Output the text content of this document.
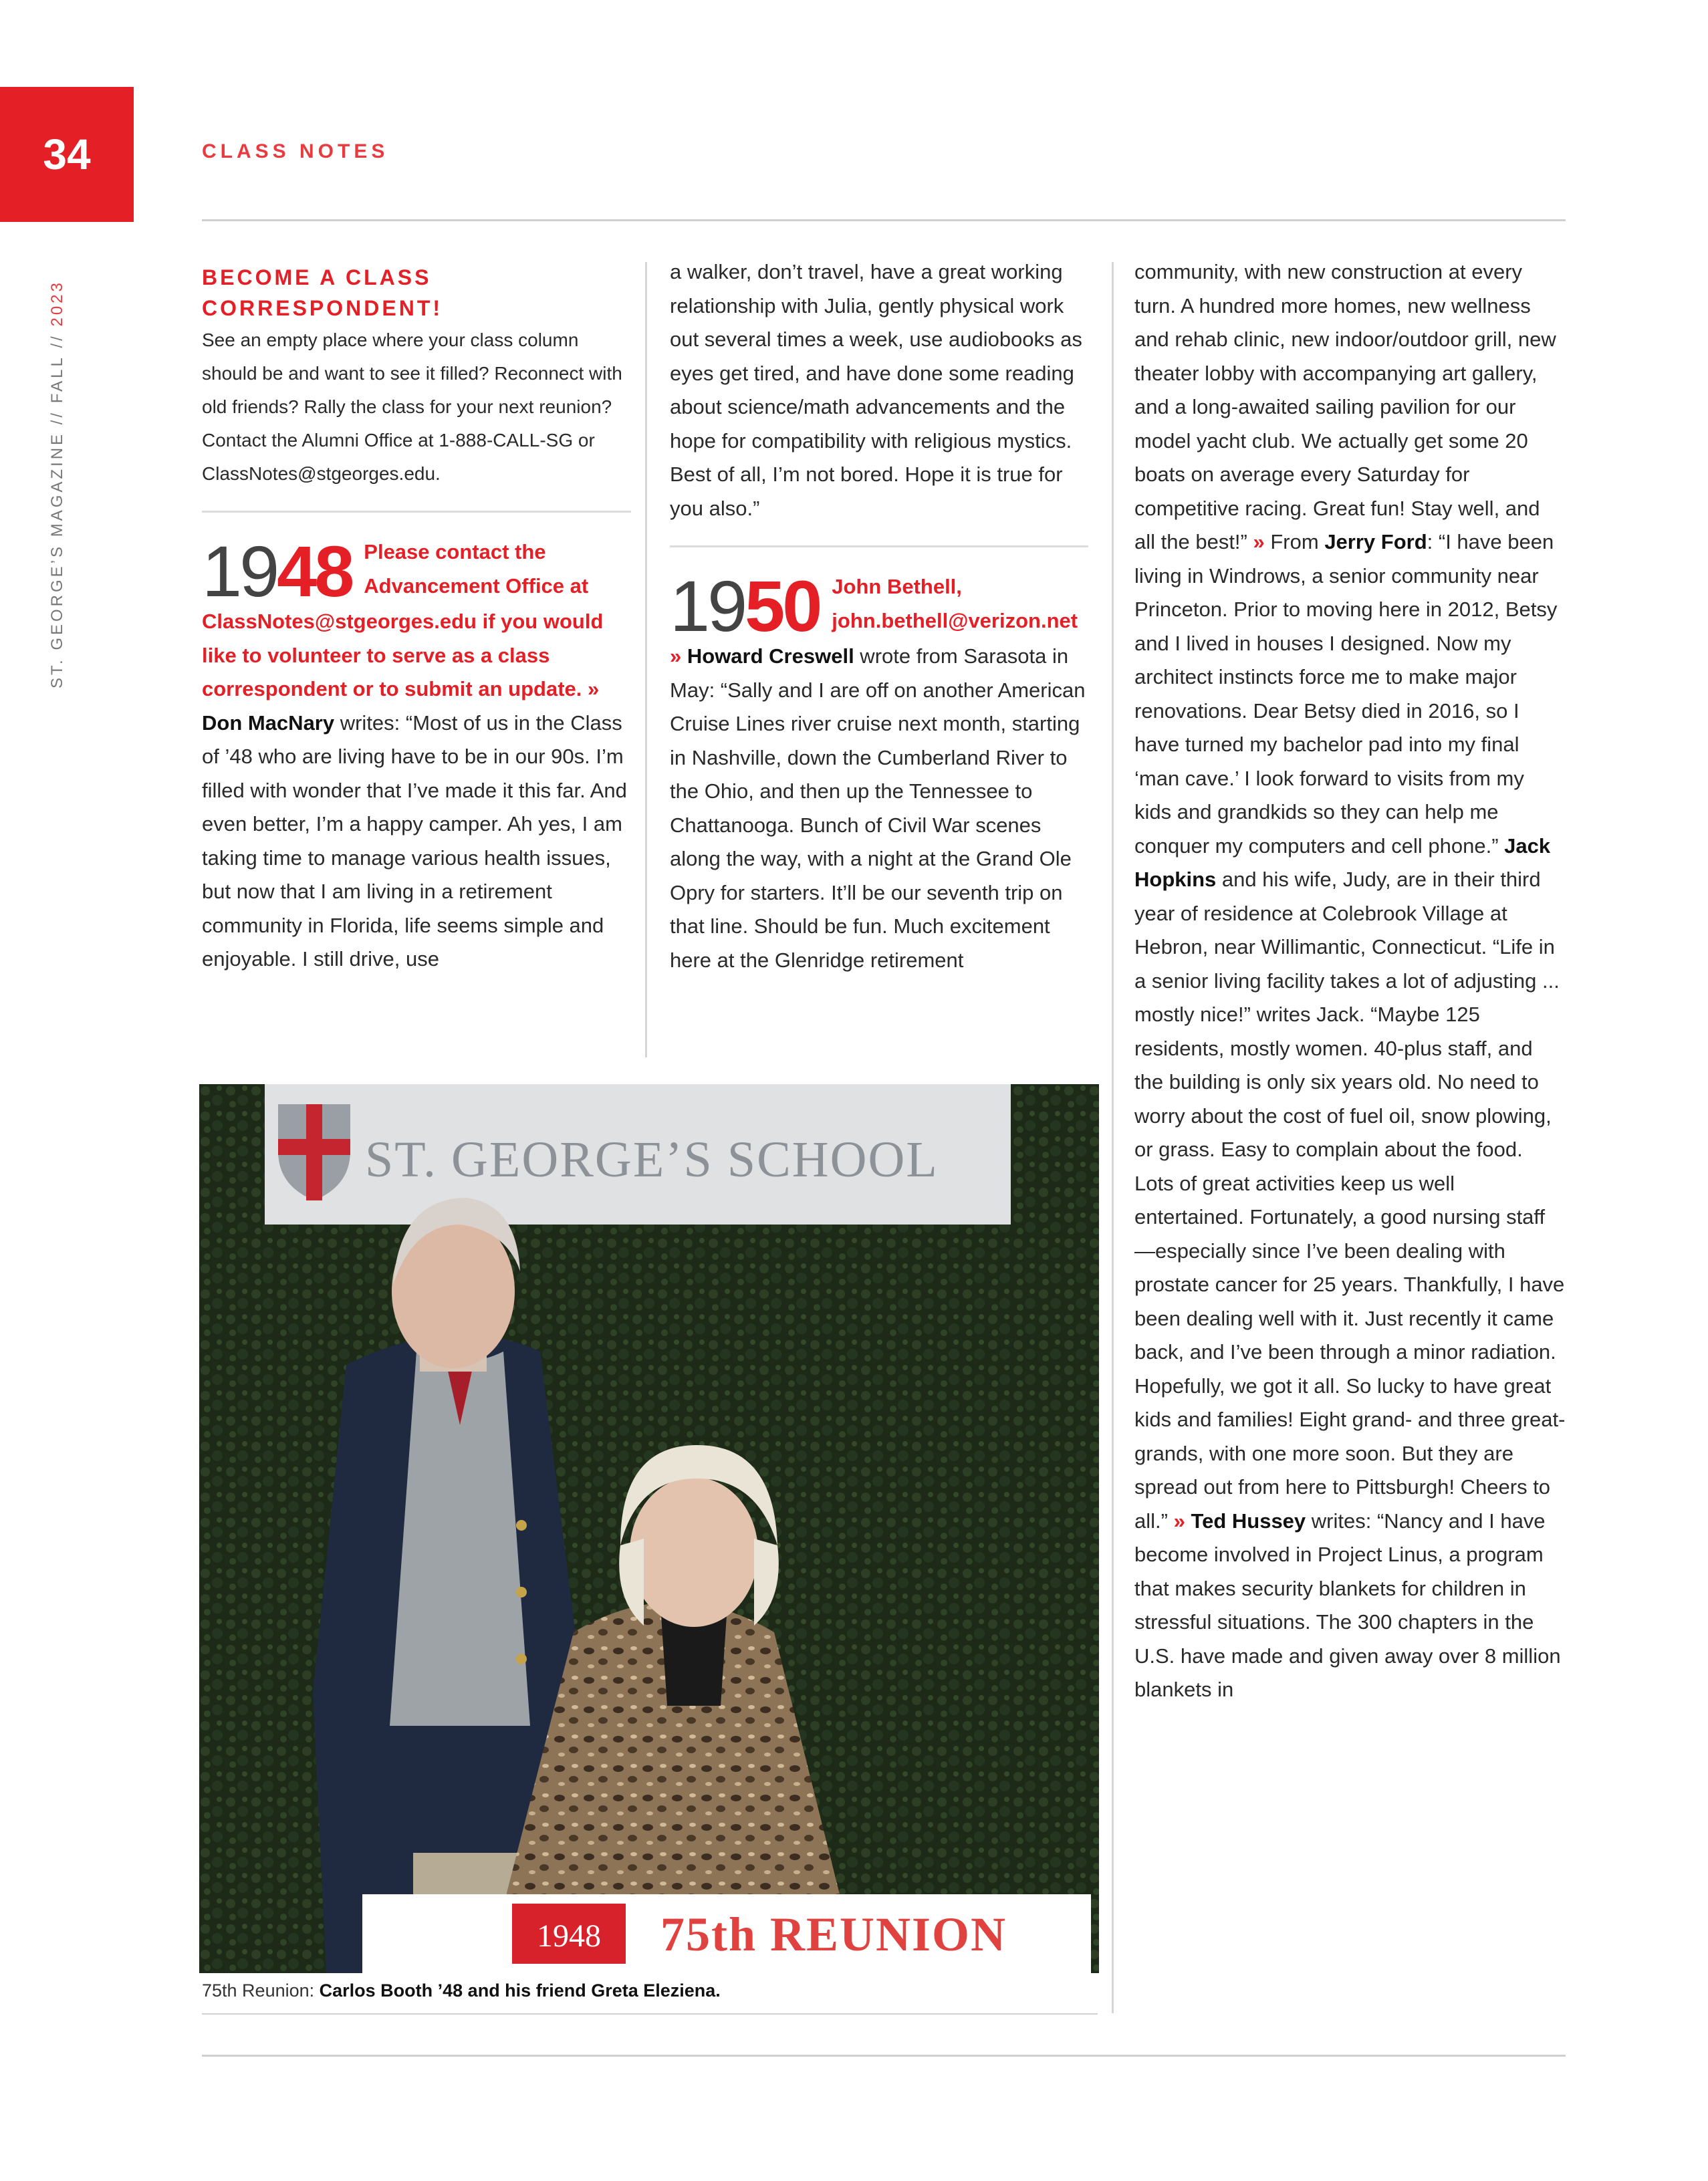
34	CLASS NOTES
ST. GEORGE’S MAGAZINE // FALL // 2023
BECOME A CLASS CORRESPONDENT!
See an empty place where your class column should be and want to see it filled? Reconnect with old friends? Rally the class for your next reunion? Contact the Alumni Office at 1-888-CALL-SG or ClassNotes@stgeorges.edu.
1948 Please contact the Advancement Office at ClassNotes@stgeorges.edu if you would like to volunteer to serve as a class correspondent or to submit an update. » Don MacNary writes: “Most of us in the Class of ’48 who are living have to be in our 90s. I’m filled with wonder that I’ve made it this far. And even better, I’m a happy camper. Ah yes, I am taking time to manage various health issues, but now that I am living in a retirement community in Florida, life seems simple and enjoyable. I still drive, use
a walker, don’t travel, have a great working relationship with Julia, gently physical work out several times a week, use audiobooks as eyes get tired, and have done some reading about science/math advancements and the hope for compatibility with religious mystics. Best of all, I’m not bored. Hope it is true for you also.”
1950 John Bethell, john.bethell@verizon.net
» Howard Creswell wrote from Sarasota in May: “Sally and I are off on another American Cruise Lines river cruise next month, starting in Nashville, down the Cumberland River to the Ohio, and then up the Tennessee to Chattanooga. Bunch of Civil War scenes along the way, with a night at the Grand Ole Opry for starters. It’ll be our seventh trip on that line. Should be fun. Much excitement here at the Glenridge retirement
ST. GEORGE’S SCHOOL
1948 75th REUNION
75th Reunion: Carlos Booth ’48 and his friend Greta Eleziena.
community, with new construction at every turn. A hundred more homes, new wellness and rehab clinic, new indoor/outdoor grill, new theater lobby with accompanying art gallery, and a long-awaited sailing pavilion for our model yacht club. We actually get some 20 boats on average every Saturday for competitive racing. Great fun! Stay well, and all the best!” » From Jerry Ford: “I have been living in Windrows, a senior community near Princeton. Prior to moving here in 2012, Betsy and I lived in houses I designed. Now my architect instincts force me to make major renovations. Dear Betsy died in 2016, so I have turned my bachelor pad into my final ‘man cave.’ I look forward to visits from my kids and grandkids so they can help me conquer my computers and cell phone.” Jack Hopkins and his wife, Judy, are in their third year of residence at Colebrook Village at Hebron, near Willimantic, Connecticut. “Life in a senior living facility takes a lot of adjusting ... mostly nice!” writes Jack. “Maybe 125 residents, mostly women. 40-plus staff, and the building is only six years old. No need to worry about the cost of fuel oil, snow plowing, or grass. Easy to complain about the food. Lots of great activities keep us well entertained. Fortunately, a good nursing staff—especially since I’ve been dealing with prostate cancer for 25 years. Thankfully, I have been dealing well with it. Just recently it came back, and I’ve been through a minor radiation. Hopefully, we got it all. So lucky to have great kids and families! Eight grand- and three great-grands, with one more soon. But they are spread out from here to Pittsburgh! Cheers to all.” » Ted Hussey writes: “Nancy and I have become involved in Project Linus, a program that makes security blankets for children in stressful situations. The 300 chapters in the U.S. have made and given away over 8 million blankets in
